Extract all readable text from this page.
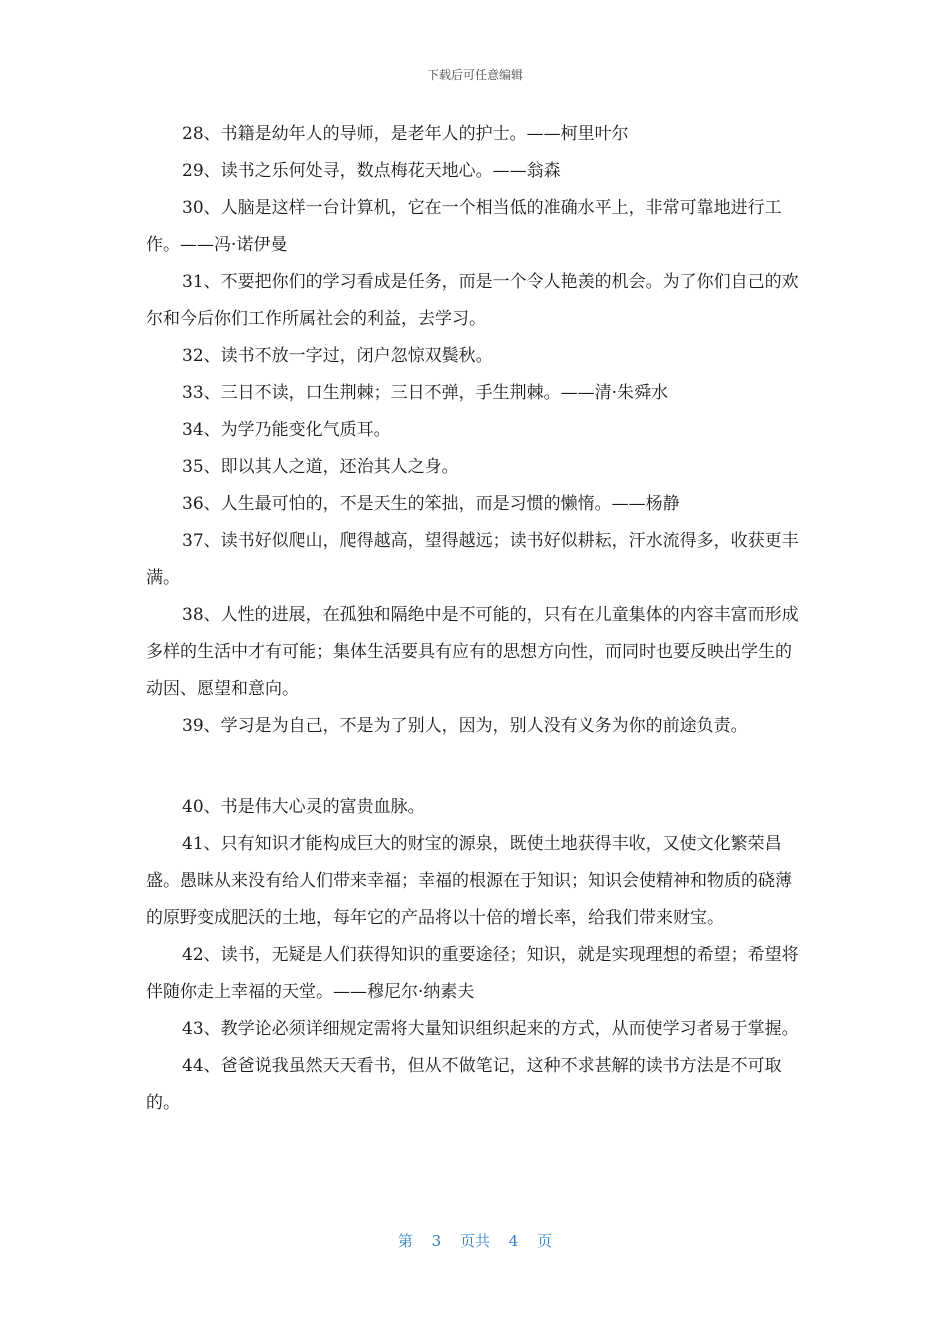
下载后可任意编辑

28、书籍是幼年人的导师，是老年人的护士。——柯里叶尔

29、读书之乐何处寻，数点梅花天地心。——翁森

30、人脑是这样一台计算机，它在一个相当低的准确水平上，非常可靠地进行工作。——冯·诺伊曼

31、不要把你们的学习看成是任务，而是一个令人艳羡的机会。为了你们自己的欢尔和今后你们工作所属社会的利益，去学习。

32、读书不放一字过，闭户忽惊双鬓秋。

33、三日不读，口生荆棘；三日不弹，手生荆棘。——清·朱舜水

34、为学乃能变化气质耳。

35、即以其人之道，还治其人之身。

36、人生最可怕的，不是天生的笨拙，而是习惯的懒惰。——杨静

37、读书好似爬山，爬得越高，望得越远；读书好似耕耘，汗水流得多，收获更丰满。

38、人性的进展，在孤独和隔绝中是不可能的，只有在儿童集体的内容丰富而形成多样的生活中才有可能；集体生活要具有应有的思想方向性，而同时也要反映出学生的动因、愿望和意向。

39、学习是为自己，不是为了别人，因为，别人没有义务为你的前途负责。

40、书是伟大心灵的富贵血脉。

41、只有知识才能构成巨大的财宝的源泉，既使土地获得丰收，又使文化繁荣昌盛。愚昧从来没有给人们带来幸福；幸福的根源在于知识；知识会使精神和物质的硗薄的原野变成肥沃的土地，每年它的产品将以十倍的增长率，给我们带来财宝。

42、读书，无疑是人们获得知识的重要途径；知识，就是实现理想的希望；希望将伴随你走上幸福的天堂。——穆尼尔·纳素夫

43、教学论必须详细规定需将大量知识组织起来的方式，从而使学习者易于掌握。

44、爸爸说我虽然天天看书，但从不做笔记，这种不求甚解的读书方法是不可取的。

第 3 页共 4 页
